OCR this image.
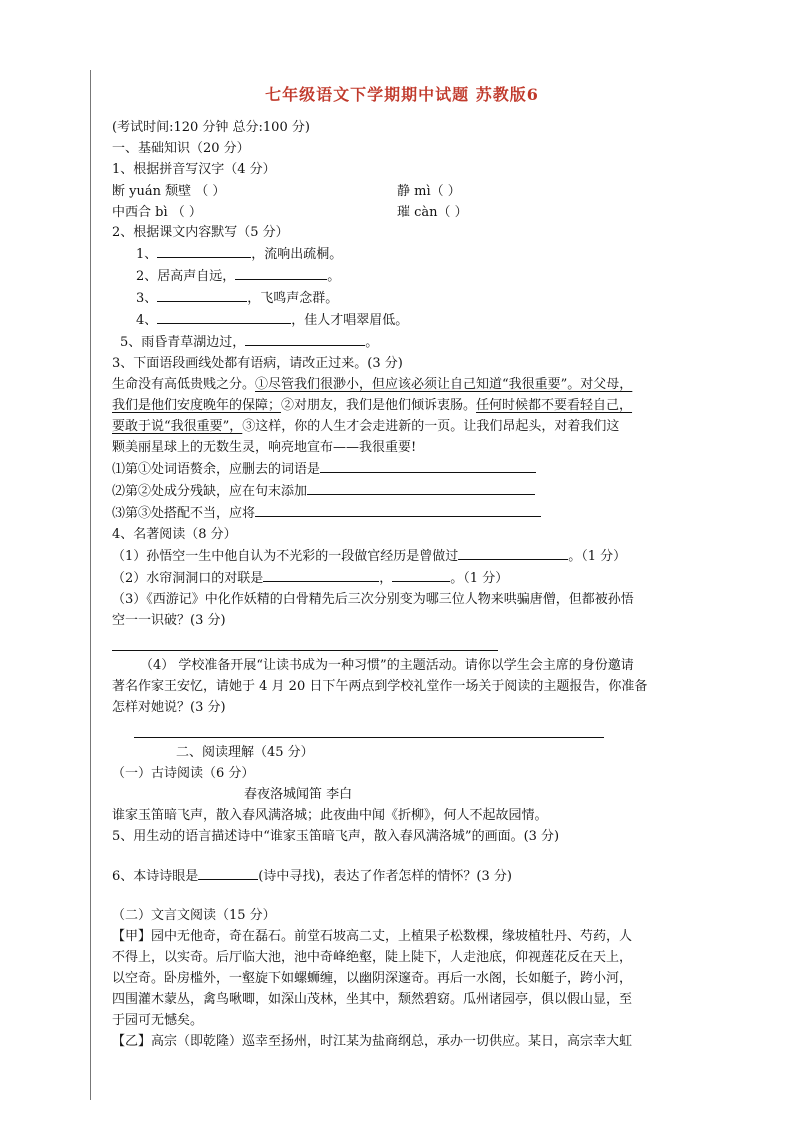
七年级语文下学期期中试题 苏教版6
(考试时间:120 分钟 总分:100 分)
一、基础知识（20 分）
1、根据拼音写汉字（4 分）
断 yuán 颓壁 （ ）	静 mì（ ）
中西合 bì （ ）	璀 càn（ ）
2、根据课文内容默写（5 分）
1、	，流响出疏桐。
2、居高声自远，	。
3、	，飞鸣声念群。
4、	，佳人才唱翠眉低。
5、雨昏青草湖边过，	。
3、下面语段画线处都有语病，请改正过来。(3 分)
生命没有高低贵贱之分。①尽管我们很渺小，但应该必须让自己知道“我很重要”。对父母，
我们是他们安度晚年的保障；②对朋友，我们是他们倾诉衷肠。任何时候都不要看轻自己，
要敢于说“我很重要”，③这样，你的人生才会走进新的一页。让我们昂起头，对着我们这
颗美丽星球上的无数生灵，响亮地宣布——我很重要!
⑴第①处词语赘余，应删去的词语是
⑵第②处成分残缺，应在句末添加
⑶第③处搭配不当，应将
4、名著阅读（8 分）
（1）孙悟空一生中他自认为不光彩的一段做官经历是曾做过	。（1 分）
（2）水帘洞洞口的对联是	，	。（1 分）
（3）《西游记》中化作妖精的白骨精先后三次分别变为哪三位人物来哄骗唐僧，但都被孙悟
空一一识破？(3 分)
（4） 学校准备开展“让读书成为一种习惯”的主题活动。请你以学生会主席的身份邀请
著名作家王安忆，请她于 4 月 20 日下午两点到学校礼堂作一场关于阅读的主题报告，你准备
怎样对她说？(3 分)
二、阅读理解（45 分）
（一）古诗阅读（6 分）
春夜洛城闻笛 李白
谁家玉笛暗飞声，散入春风满洛城；此夜曲中闻《折柳》，何人不起故园情。
5、用生动的语言描述诗中“谁家玉笛暗飞声，散入春风满洛城”的画面。(3 分)
6、本诗诗眼是	(诗中寻找)，表达了作者怎样的情怀？(3 分)
（二）文言文阅读（15 分）
【甲】园中无他奇，奇在磊石。前堂石坡高二丈，上植果子松数棵，缘坡植牡丹、芍药，人
不得上，以实奇。后厅临大池，池中奇峰绝壑，陡上陡下，人走池底，仰视莲花反在天上，
以空奇。卧房槛外，一壑旋下如螺蛳缠，以幽阴深邃奇。再后一水阁，长如艇子，跨小河，
四围灌木蒙丛，禽鸟啾唧，如深山茂林，坐其中，颓然碧窈。瓜州诸园亭，俱以假山显，至
于园可无憾矣。
【乙】高宗（即乾隆）巡幸至扬州，时江某为盐商纲总，承办一切供应。某日，高宗幸大虹
